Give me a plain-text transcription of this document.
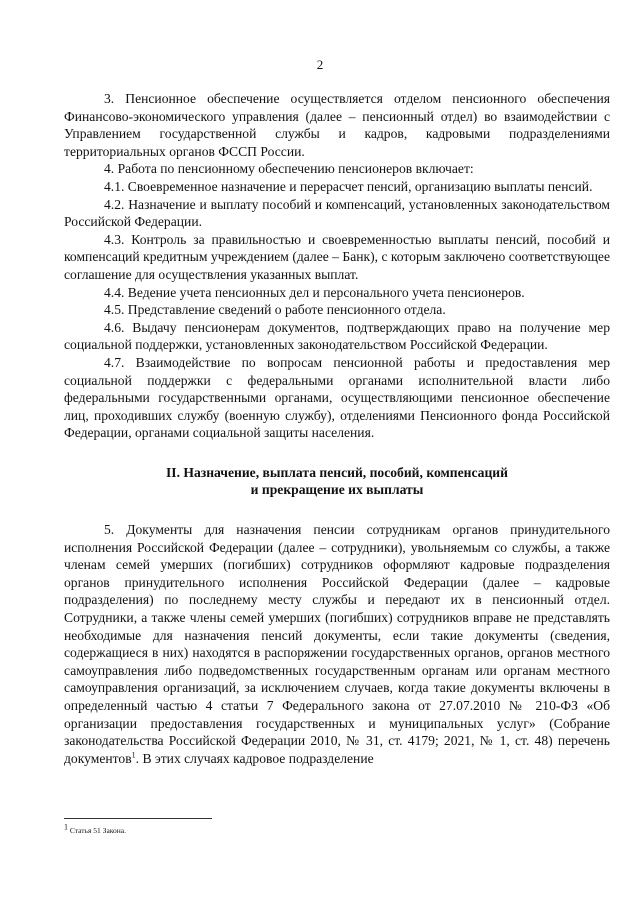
2

3. Пенсионное обеспечение осуществляется отделом пенсионного обеспечения Финансово-экономического управления (далее – пенсионный отдел) во взаимодействии с Управлением государственной службы и кадров, кадровыми подразделениями территориальных органов ФССП России.

4. Работа по пенсионному обеспечению пенсионеров включает:

4.1. Своевременное назначение и перерасчет пенсий, организацию выплаты пенсий.

4.2. Назначение и выплату пособий и компенсаций, установленных законодательством Российской Федерации.

4.3. Контроль за правильностью и своевременностью выплаты пенсий, пособий и компенсаций кредитным учреждением (далее – Банк), с которым заключено соответствующее соглашение для осуществления указанных выплат.

4.4. Ведение учета пенсионных дел и персонального учета пенсионеров.

4.5. Представление сведений о работе пенсионного отдела.

4.6. Выдачу пенсионерам документов, подтверждающих право на получение мер социальной поддержки, установленных законодательством Российской Федерации.

4.7. Взаимодействие по вопросам пенсионной работы и предоставления мер социальной поддержки с федеральными органами исполнительной власти либо федеральными государственными органами, осуществляющими пенсионное обеспечение лиц, проходивших службу (военную службу), отделениями Пенсионного фонда Российской Федерации, органами социальной защиты населения.

II. Назначение, выплата пенсий, пособий, компенсаций
и прекращение их выплаты

5. Документы для назначения пенсии сотрудникам органов принудительного исполнения Российской Федерации (далее – сотрудники), увольняемым со службы, а также членам семей умерших (погибших) сотрудников оформляют кадровые подразделения органов принудительного исполнения Российской Федерации (далее – кадровые подразделения) по последнему месту службы и передают их в пенсионный отдел. Сотрудники, а также члены семей умерших (погибших) сотрудников вправе не представлять необходимые для назначения пенсий документы, если такие документы (сведения, содержащиеся в них) находятся в распоряжении государственных органов, органов местного самоуправления либо подведомственных государственным органам или органам местного самоуправления организаций, за исключением случаев, когда такие документы включены в определенный частью 4 статьи 7 Федерального закона от 27.07.2010 № 210-ФЗ «Об организации предоставления государственных и муниципальных услуг» (Собрание законодательства Российской Федерации 2010, № 31, ст. 4179; 2021, № 1, ст. 48) перечень документов$^1$. В этих случаях кадровое подразделение

$^1$ Статья 51 Закона.
